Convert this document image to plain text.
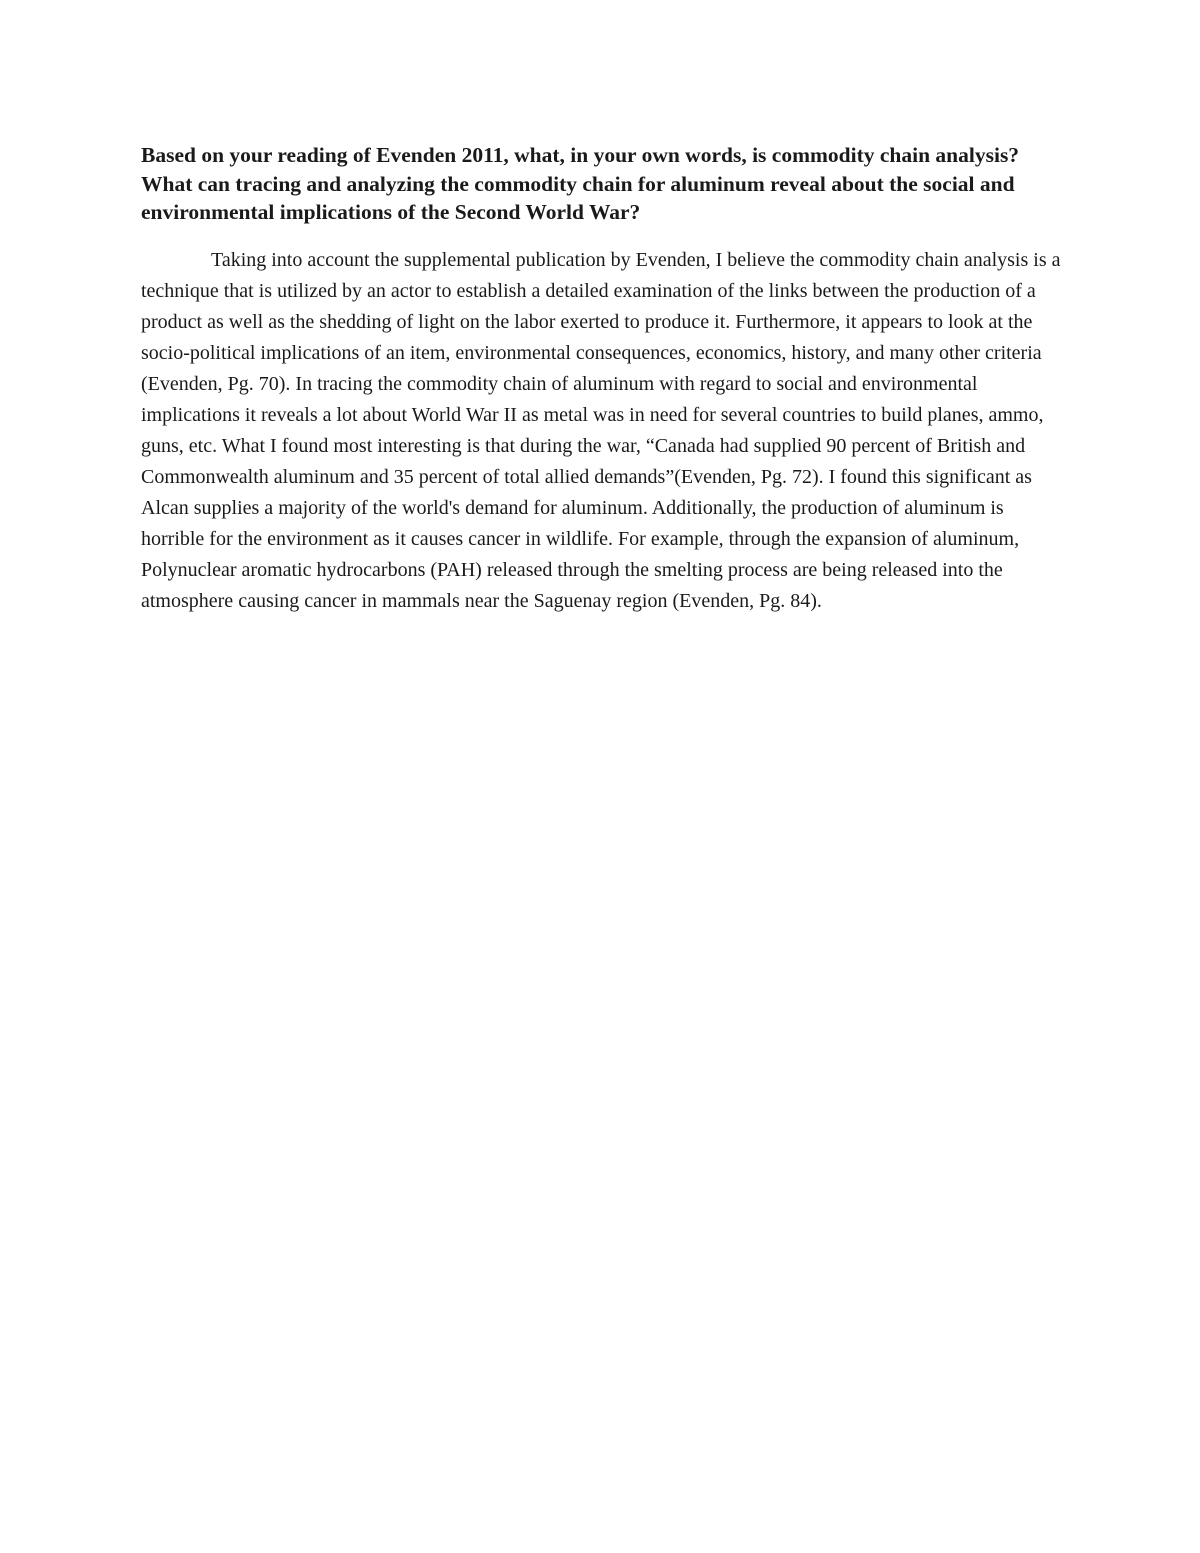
Based on your reading of Evenden 2011, what, in your own words, is commodity chain analysis? What can tracing and analyzing the commodity chain for aluminum reveal about the social and environmental implications of the Second World War?

Taking into account the supplemental publication by Evenden, I believe the commodity chain analysis is a technique that is utilized by an actor to establish a detailed examination of the links between the production of a product as well as the shedding of light on the labor exerted to produce it. Furthermore, it appears to look at the socio-political implications of an item, environmental consequences, economics, history, and many other criteria (Evenden, Pg. 70). In tracing the commodity chain of aluminum with regard to social and environmental implications it reveals a lot about World War II as metal was in need for several countries to build planes, ammo, guns, etc. What I found most interesting is that during the war, “Canada had supplied 90 percent of British and Commonwealth aluminum and 35 percent of total allied demands”(Evenden, Pg. 72). I found this significant as Alcan supplies a majority of the world's demand for aluminum. Additionally, the production of aluminum is horrible for the environment as it causes cancer in wildlife. For example, through the expansion of aluminum, Polynuclear aromatic hydrocarbons (PAH) released through the smelting process are being released into the atmosphere causing cancer in mammals near the Saguenay region (Evenden, Pg. 84).
